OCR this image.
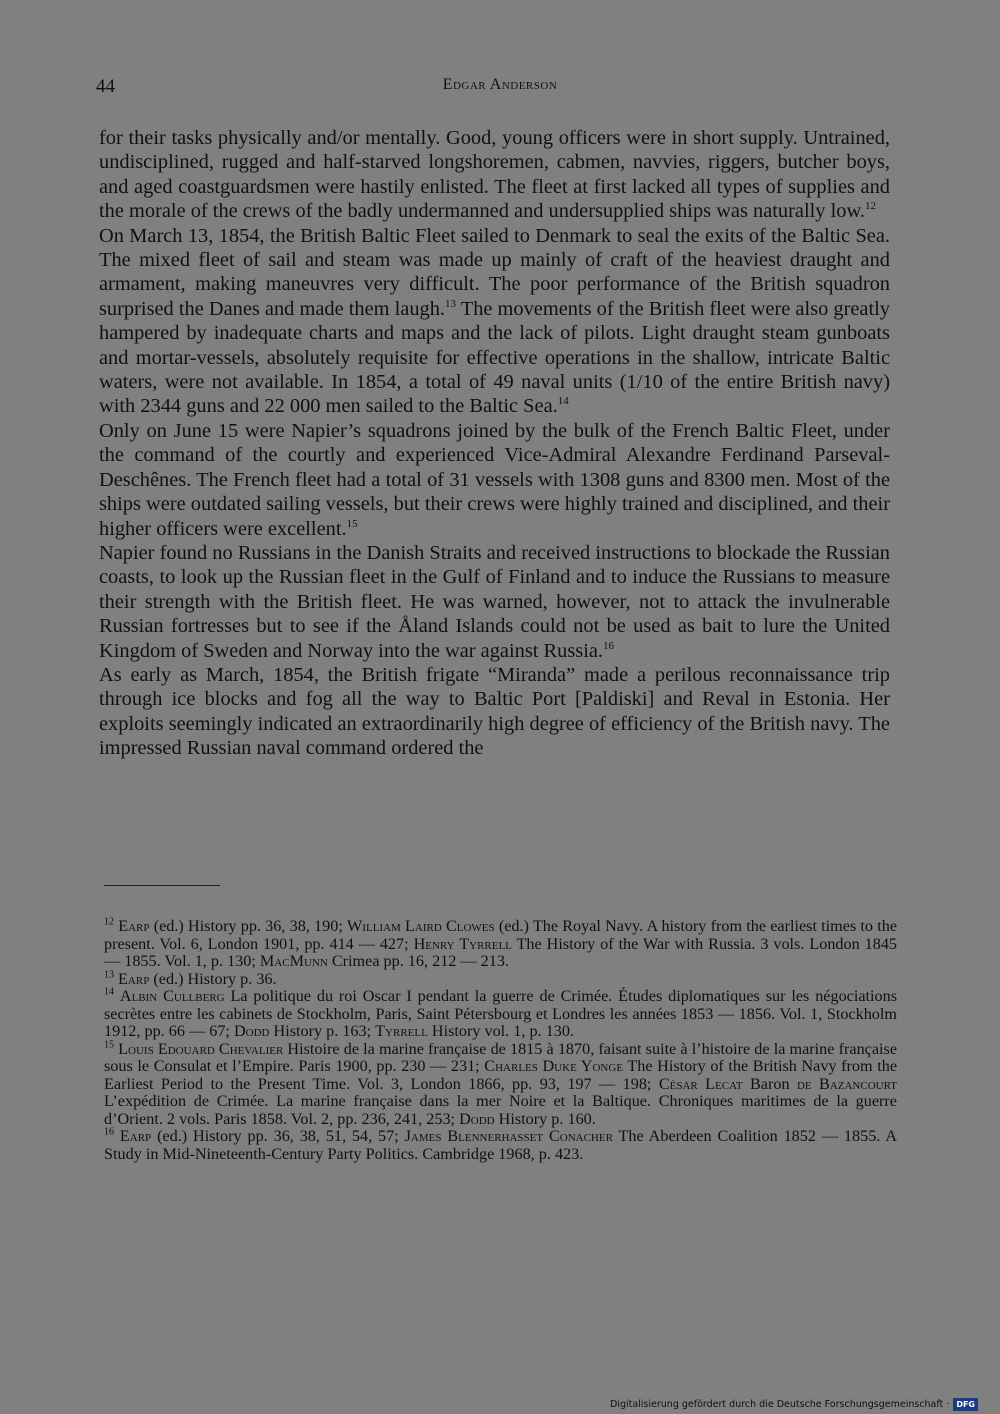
44	Edgar Anderson

for their tasks physically and/or mentally. Good, young officers were in short supply. Untrained, undisciplined, rugged and half-starved longshoremen, cabmen, navvies, riggers, butcher boys, and aged coastguardsmen were hastily enlisted. The fleet at first lacked all types of supplies and the morale of the crews of the badly undermanned and undersupplied ships was naturally low.$^{12}$

On March 13, 1854, the British Baltic Fleet sailed to Denmark to seal the exits of the Baltic Sea. The mixed fleet of sail and steam was made up mainly of craft of the heaviest draught and armament, making maneuvres very difficult. The poor performance of the British squadron surprised the Danes and made them laugh.$^{13}$ The movements of the British fleet were also greatly hampered by inadequate charts and maps and the lack of pilots. Light draught steam gunboats and mortar-vessels, absolutely requisite for effective operations in the shallow, intricate Baltic waters, were not available. In 1854, a total of 49 naval units (1/10 of the entire British navy) with 2344 guns and 22 000 men sailed to the Baltic Sea.$^{14}$

Only on June 15 were Napier’s squadrons joined by the bulk of the French Baltic Fleet, under the command of the courtly and experienced Vice-Admiral Alexandre Ferdinand Parseval-Deschênes. The French fleet had a total of 31 vessels with 1308 guns and 8300 men. Most of the ships were outdated sailing vessels, but their crews were highly trained and disciplined, and their higher officers were excellent.$^{15}$

Napier found no Russians in the Danish Straits and received instructions to blockade the Russian coasts, to look up the Russian fleet in the Gulf of Finland and to induce the Russians to measure their strength with the British fleet. He was warned, however, not to attack the invulnerable Russian fortresses but to see if the Åland Islands could not be used as bait to lure the United Kingdom of Sweden and Norway into the war against Russia.$^{16}$

As early as March, 1854, the British frigate “Miranda” made a perilous reconnaissance trip through ice blocks and fog all the way to Baltic Port [Paldiski] and Reval in Estonia. Her exploits seemingly indicated an extraordinarily high degree of efficiency of the British navy. The impressed Russian naval command ordered the

$^{12}$ Earp (ed.) History pp. 36, 38, 190; William Laird Clowes (ed.) The Royal Navy. A history from the earliest times to the present. Vol. 6, London 1901, pp. 414 — 427; Henry Tyrrell The History of the War with Russia. 3 vols. London 1845 — 1855. Vol. 1, p. 130; MacMunn Crimea pp. 16, 212 — 213.

$^{13}$ Earp (ed.) History p. 36.

$^{14}$ Albin Cullberg La politique du roi Oscar I pendant la guerre de Crimée. Études diplomatiques sur les négociations secrètes entre les cabinets de Stockholm, Paris, Saint Pétersbourg et Londres les années 1853 — 1856. Vol. 1, Stockholm 1912, pp. 66 — 67; Dodd History p. 163; Tyrrell History vol. 1, p. 130.

$^{15}$ Louis Edouard Chevalier Histoire de la marine française de 1815 à 1870, faisant suite à l’histoire de la marine française sous le Consulat et l’Empire. Paris 1900, pp. 230 — 231; Charles Duke Yonge The History of the British Navy from the Earliest Period to the Present Time. Vol. 3, London 1866, pp. 93, 197 — 198; César Lecat Baron de Bazancourt L’expédition de Crimée. La marine française dans la mer Noire et la Baltique. Chroniques maritimes de la guerre d’Orient. 2 vols. Paris 1858. Vol. 2, pp. 236, 241, 253; Dodd History p. 160.

$^{16}$ Earp (ed.) History pp. 36, 38, 51, 54, 57; James Blennerhasset Conacher The Aberdeen Coalition 1852 — 1855. A Study in Mid-Nineteenth-Century Party Politics. Cambridge 1968, p. 423.

Digitalisierung gefördert durch die Deutsche Forschungsgemeinschaft · DFG
